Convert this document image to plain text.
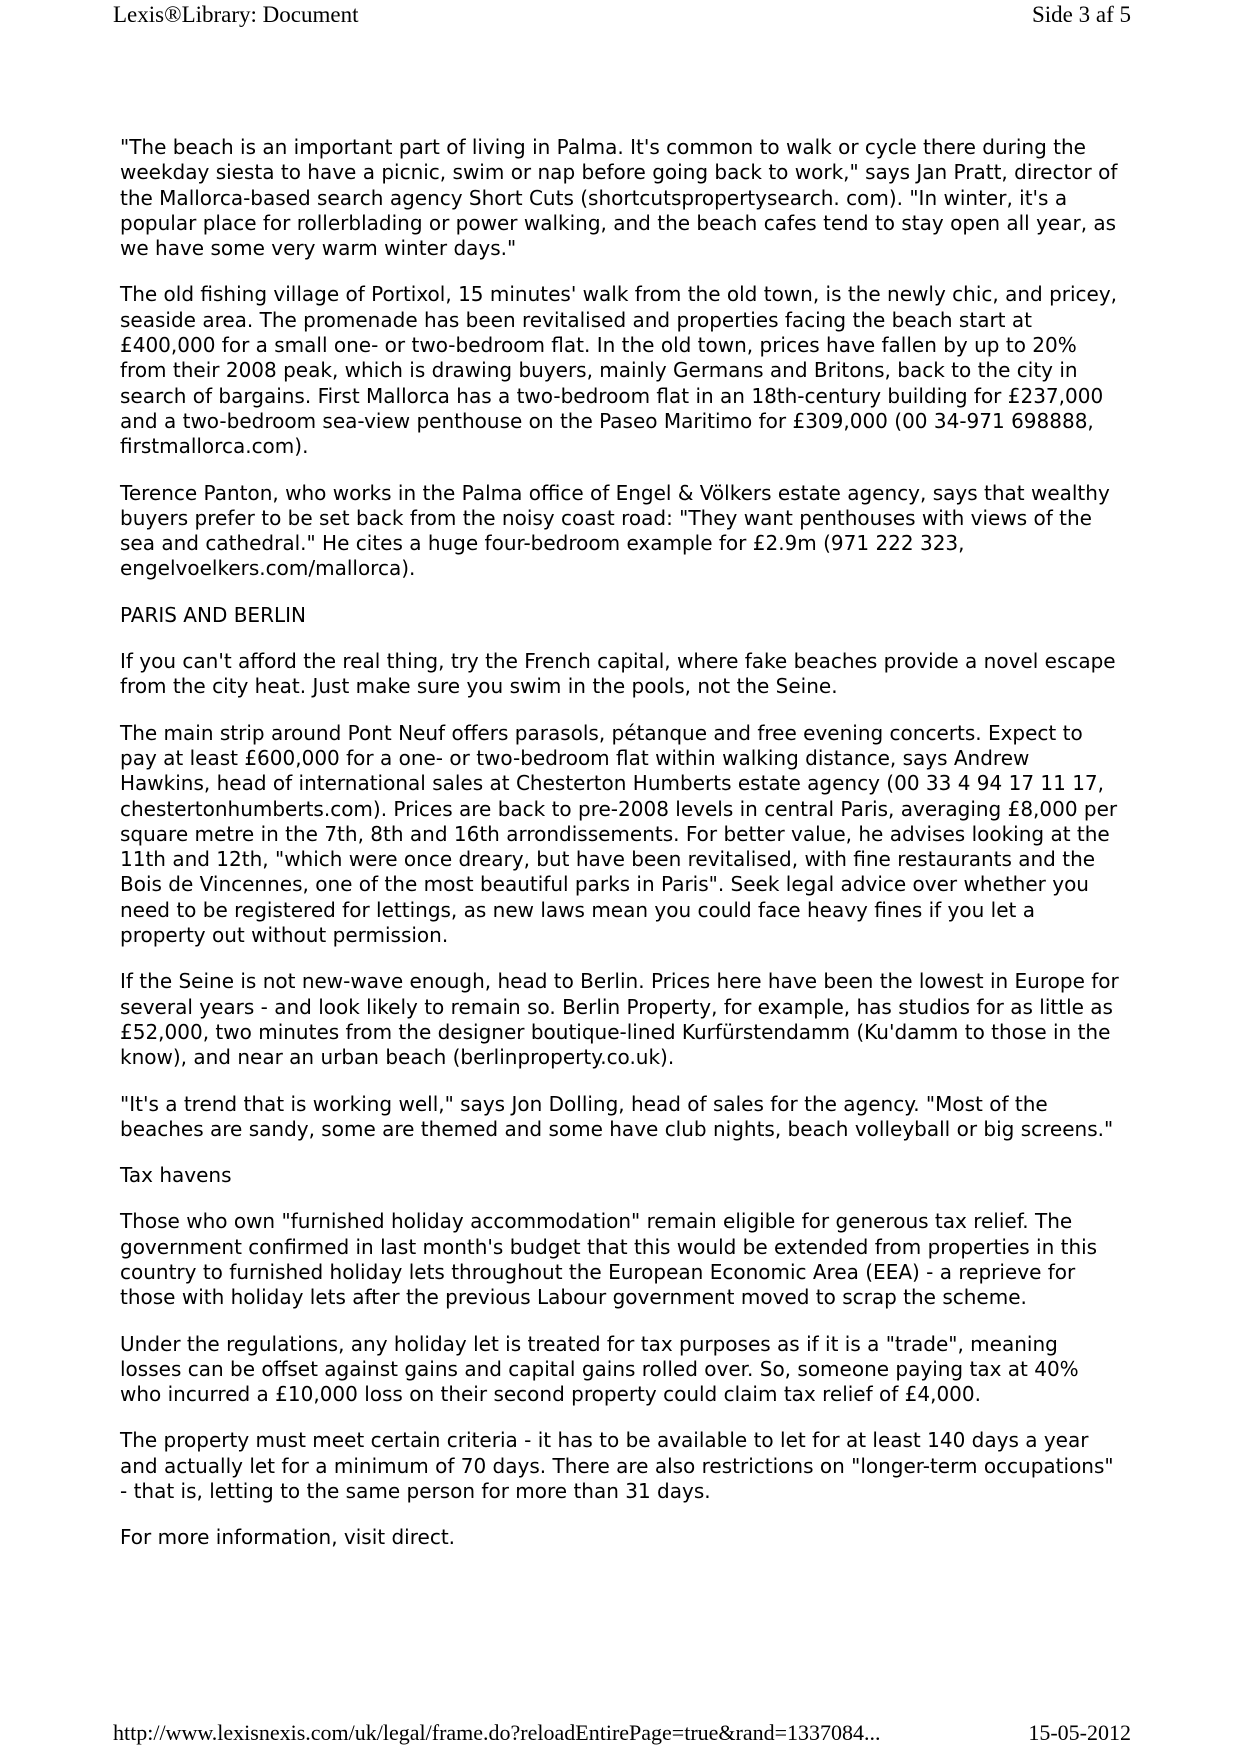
Lexis®Library: Document	Side 3 af 5

"The beach is an important part of living in Palma. It's common to walk or cycle there during the weekday siesta to have a picnic, swim or nap before going back to work," says Jan Pratt, director of the Mallorca-based search agency Short Cuts (shortcutspropertysearch. com). "In winter, it's a popular place for rollerblading or power walking, and the beach cafes tend to stay open all year, as we have some very warm winter days."

The old fishing village of Portixol, 15 minutes' walk from the old town, is the newly chic, and pricey, seaside area. The promenade has been revitalised and properties facing the beach start at £400,000 for a small one- or two-bedroom flat. In the old town, prices have fallen by up to 20% from their 2008 peak, which is drawing buyers, mainly Germans and Britons, back to the city in search of bargains. First Mallorca has a two-bedroom flat in an 18th-century building for £237,000 and a two-bedroom sea-view penthouse on the Paseo Maritimo for £309,000 (00 34-971 698888, firstmallorca.com).

Terence Panton, who works in the Palma office of Engel & Völkers estate agency, says that wealthy buyers prefer to be set back from the noisy coast road: "They want penthouses with views of the sea and cathedral." He cites a huge four-bedroom example for £2.9m (971 222 323, engelvoelkers.com/mallorca).

PARIS AND BERLIN

If you can't afford the real thing, try the French capital, where fake beaches provide a novel escape from the city heat. Just make sure you swim in the pools, not the Seine.

The main strip around Pont Neuf offers parasols, pétanque and free evening concerts. Expect to pay at least £600,000 for a one- or two-bedroom flat within walking distance, says Andrew Hawkins, head of international sales at Chesterton Humberts estate agency (00 33 4 94 17 11 17, chestertonhumberts.com). Prices are back to pre-2008 levels in central Paris, averaging £8,000 per square metre in the 7th, 8th and 16th arrondissements. For better value, he advises looking at the 11th and 12th, "which were once dreary, but have been revitalised, with fine restaurants and the Bois de Vincennes, one of the most beautiful parks in Paris". Seek legal advice over whether you need to be registered for lettings, as new laws mean you could face heavy fines if you let a property out without permission.

If the Seine is not new-wave enough, head to Berlin. Prices here have been the lowest in Europe for several years - and look likely to remain so. Berlin Property, for example, has studios for as little as £52,000, two minutes from the designer boutique-lined Kurfürstendamm (Ku'damm to those in the know), and near an urban beach (berlinproperty.co.uk).

"It's a trend that is working well," says Jon Dolling, head of sales for the agency. "Most of the beaches are sandy, some are themed and some have club nights, beach volleyball or big screens."

Tax havens

Those who own "furnished holiday accommodation" remain eligible for generous tax relief. The government confirmed in last month's budget that this would be extended from properties in this country to furnished holiday lets throughout the European Economic Area (EEA) - a reprieve for those with holiday lets after the previous Labour government moved to scrap the scheme.

Under the regulations, any holiday let is treated for tax purposes as if it is a "trade", meaning losses can be offset against gains and capital gains rolled over. So, someone paying tax at 40% who incurred a £10,000 loss on their second property could claim tax relief of £4,000.

The property must meet certain criteria - it has to be available to let for at least 140 days a year and actually let for a minimum of 70 days. There are also restrictions on "longer-term occupations" - that is, letting to the same person for more than 31 days.

For more information, visit direct.

http://www.lexisnexis.com/uk/legal/frame.do?reloadEntirePage=true&rand=1337084...	15-05-2012
